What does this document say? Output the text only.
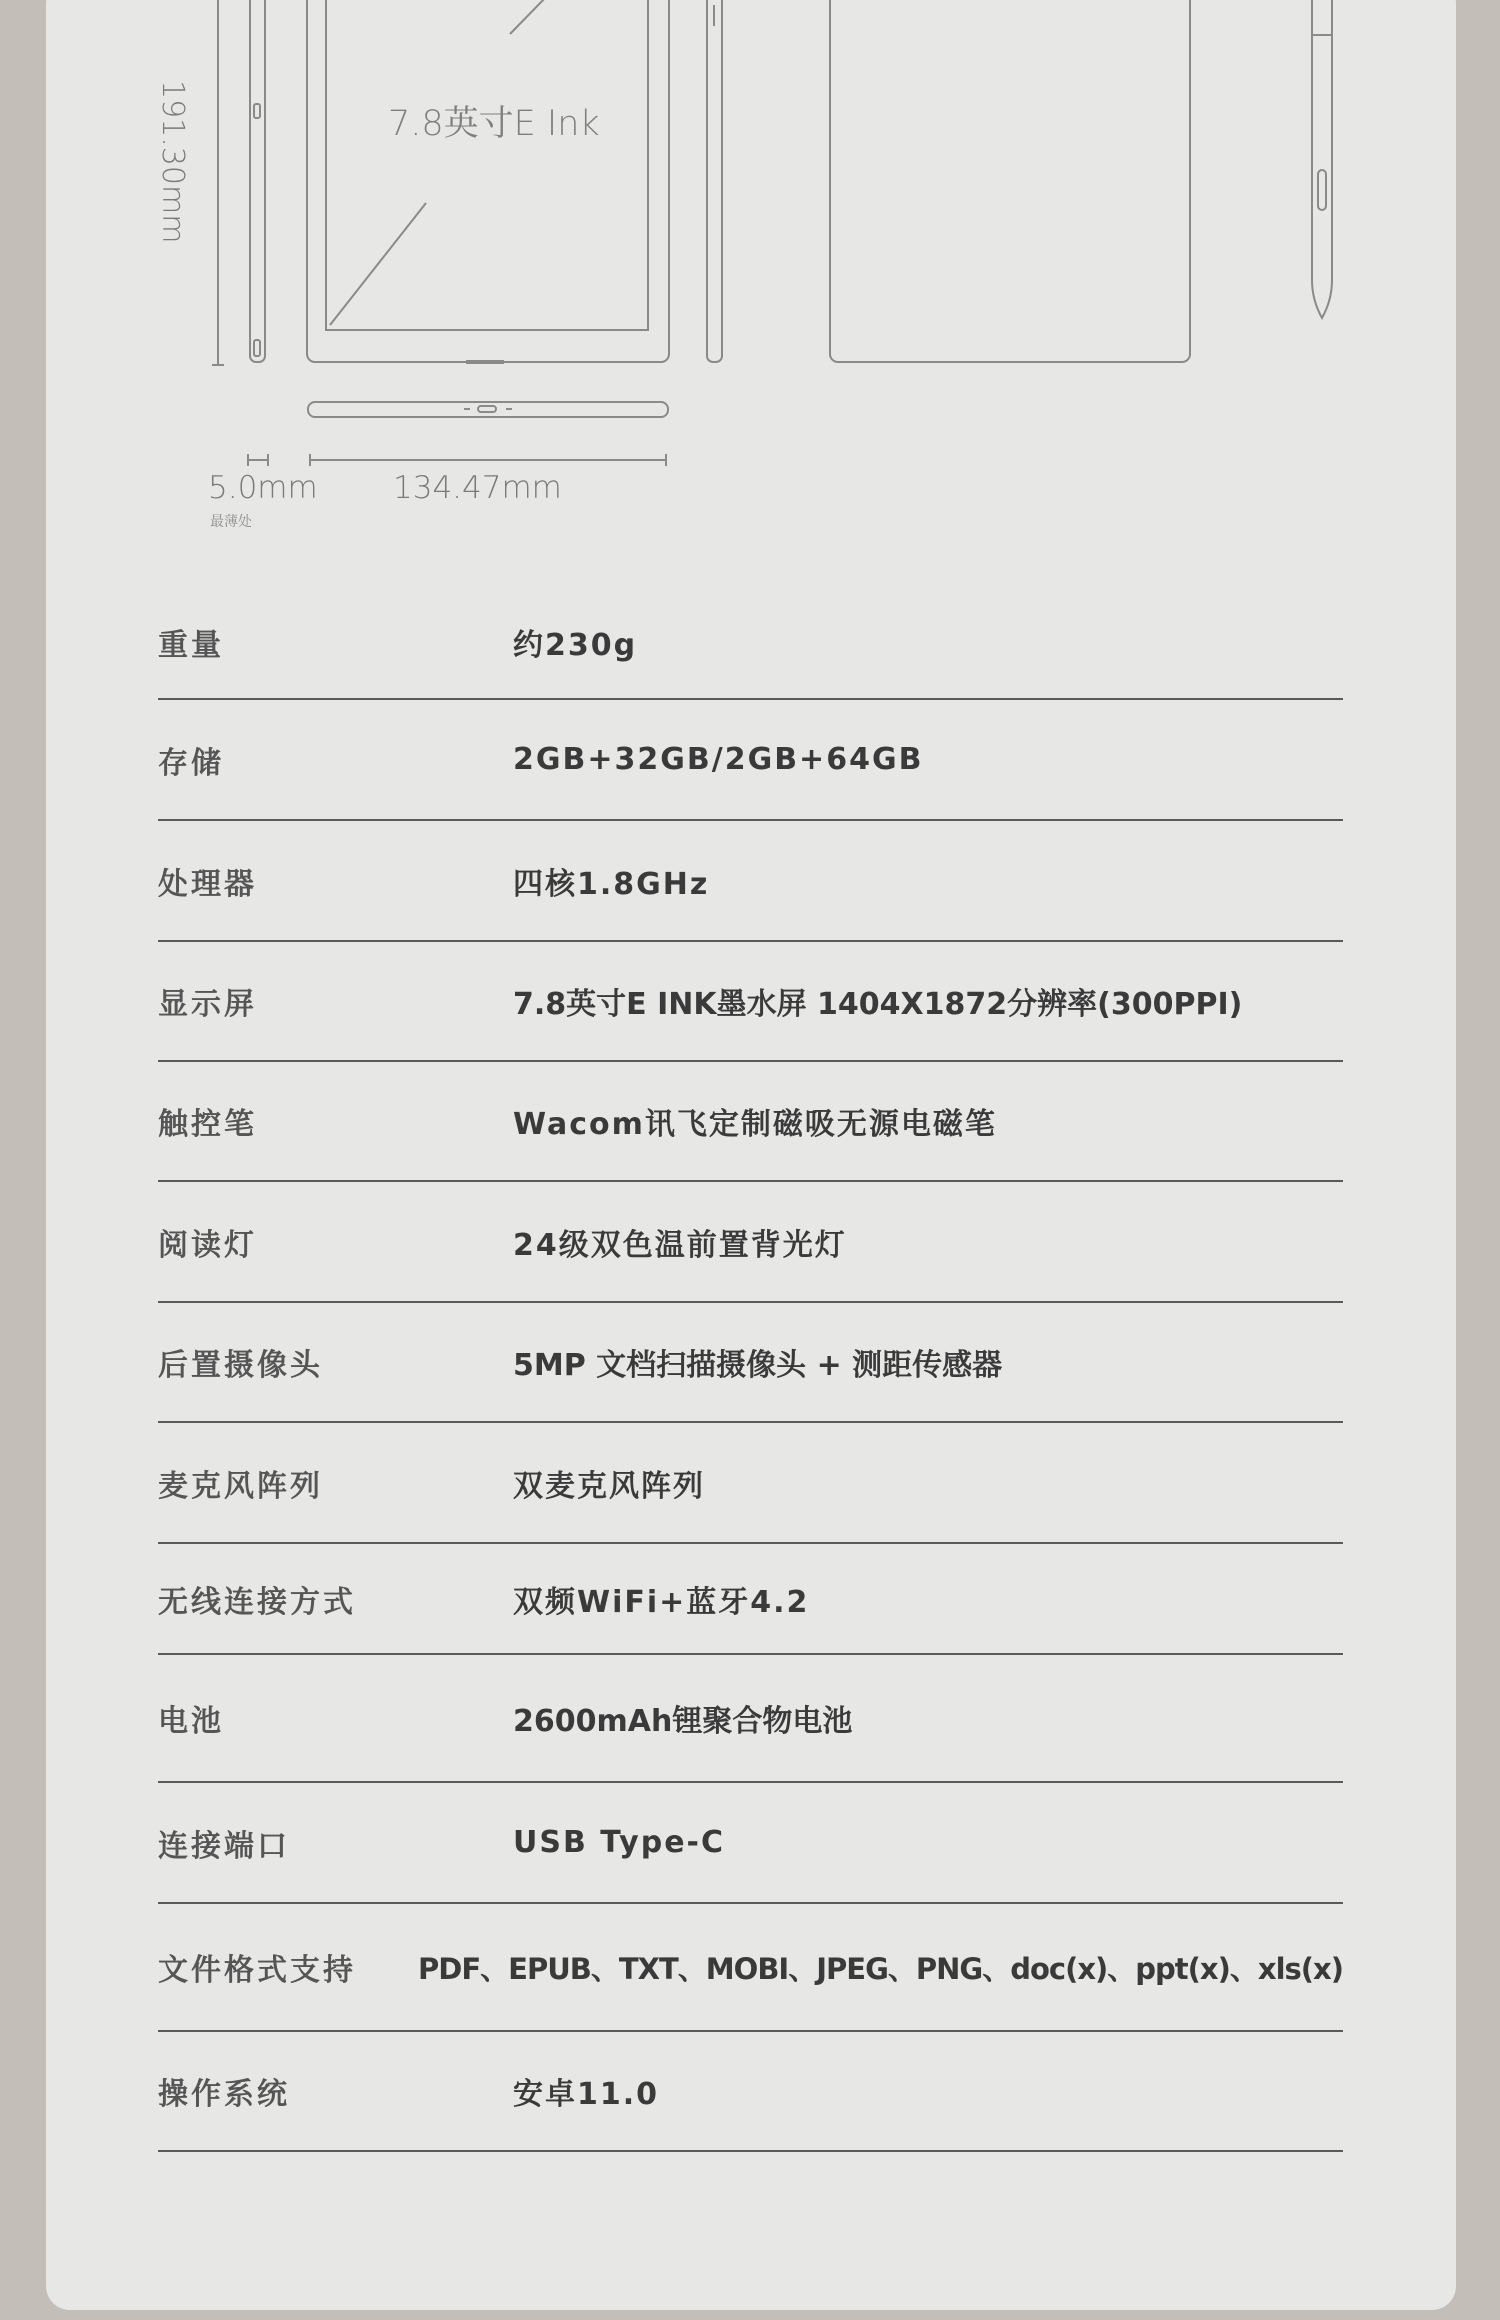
7.8英寸E Ink
191.30mm
5.0mm
最薄处
134.47mm
重量	约230g
存储	2GB+32GB/2GB+64GB
处理器	四核1.8GHz
显示屏	7.8英寸E INK墨水屏 1404X1872分辨率(300PPI)
触控笔	Wacom讯飞定制磁吸无源电磁笔
阅读灯	24级双色温前置背光灯
后置摄像头	5MP 文档扫描摄像头 + 测距传感器
麦克风阵列	双麦克风阵列
无线连接方式	双频WiFi+蓝牙4.2
电池	2600mAh锂聚合物电池
连接端口	USB Type-C
文件格式支持	PDF、EPUB、TXT、MOBI、JPEG、PNG、doc(x)、ppt(x)、xls(x)
操作系统	安卓11.0
